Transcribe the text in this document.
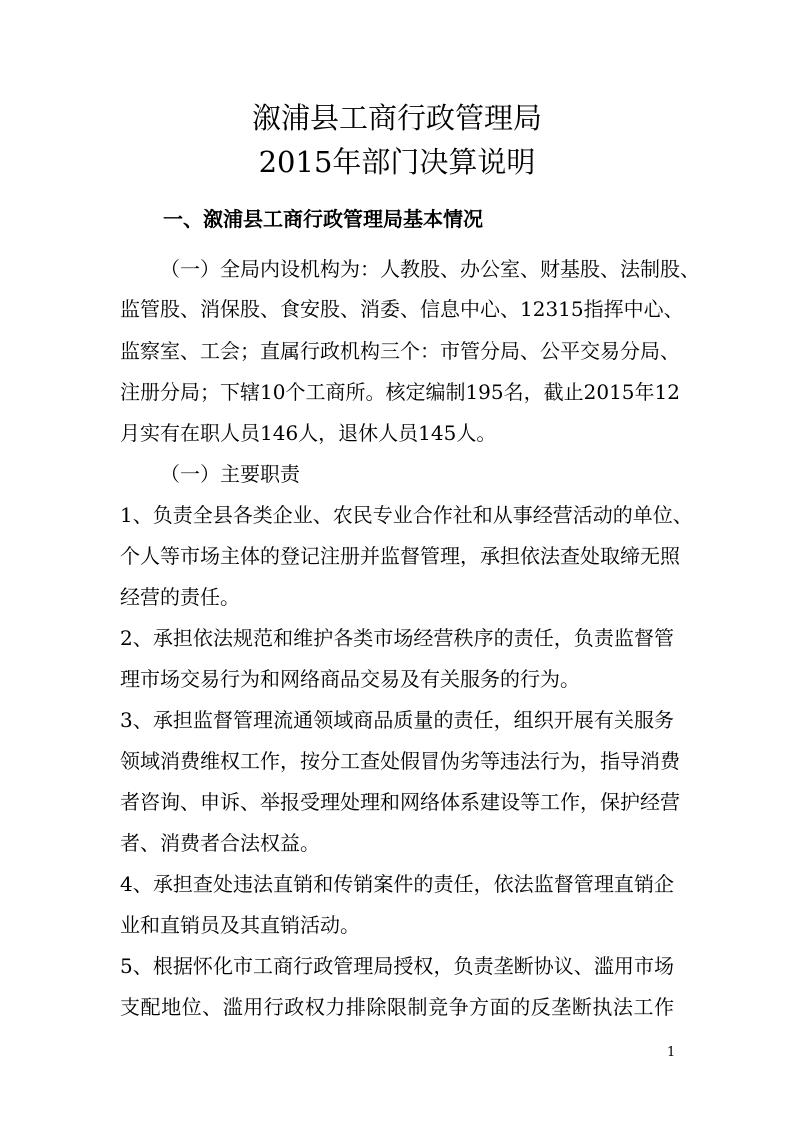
溆浦县工商行政管理局
2015年部门决算说明
一、溆浦县工商行政管理局基本情况
（一）全局内设机构为：人教股、办公室、财基股、法制股、
监管股、消保股、食安股、消委、信息中心、12315指挥中心、
监察室、工会；直属行政机构三个：市管分局、公平交易分局、
注册分局；下辖10个工商所。核定编制195名，截止2015年12
月实有在职人员146人，退休人员145人。
（一）主要职责
1、负责全县各类企业、农民专业合作社和从事经营活动的单位、
个人等市场主体的登记注册并监督管理，承担依法查处取缔无照
经营的责任。
2、承担依法规范和维护各类市场经营秩序的责任，负责监督管
理市场交易行为和网络商品交易及有关服务的行为。
3、承担监督管理流通领域商品质量的责任，组织开展有关服务
领域消费维权工作，按分工查处假冒伪劣等违法行为，指导消费
者咨询、申诉、举报受理处理和网络体系建设等工作，保护经营
者、消费者合法权益。
4、承担查处违法直销和传销案件的责任，依法监督管理直销企
业和直销员及其直销活动。
5、根据怀化市工商行政管理局授权，负责垄断协议、滥用市场
支配地位、滥用行政权力排除限制竞争方面的反垄断执法工作
1
